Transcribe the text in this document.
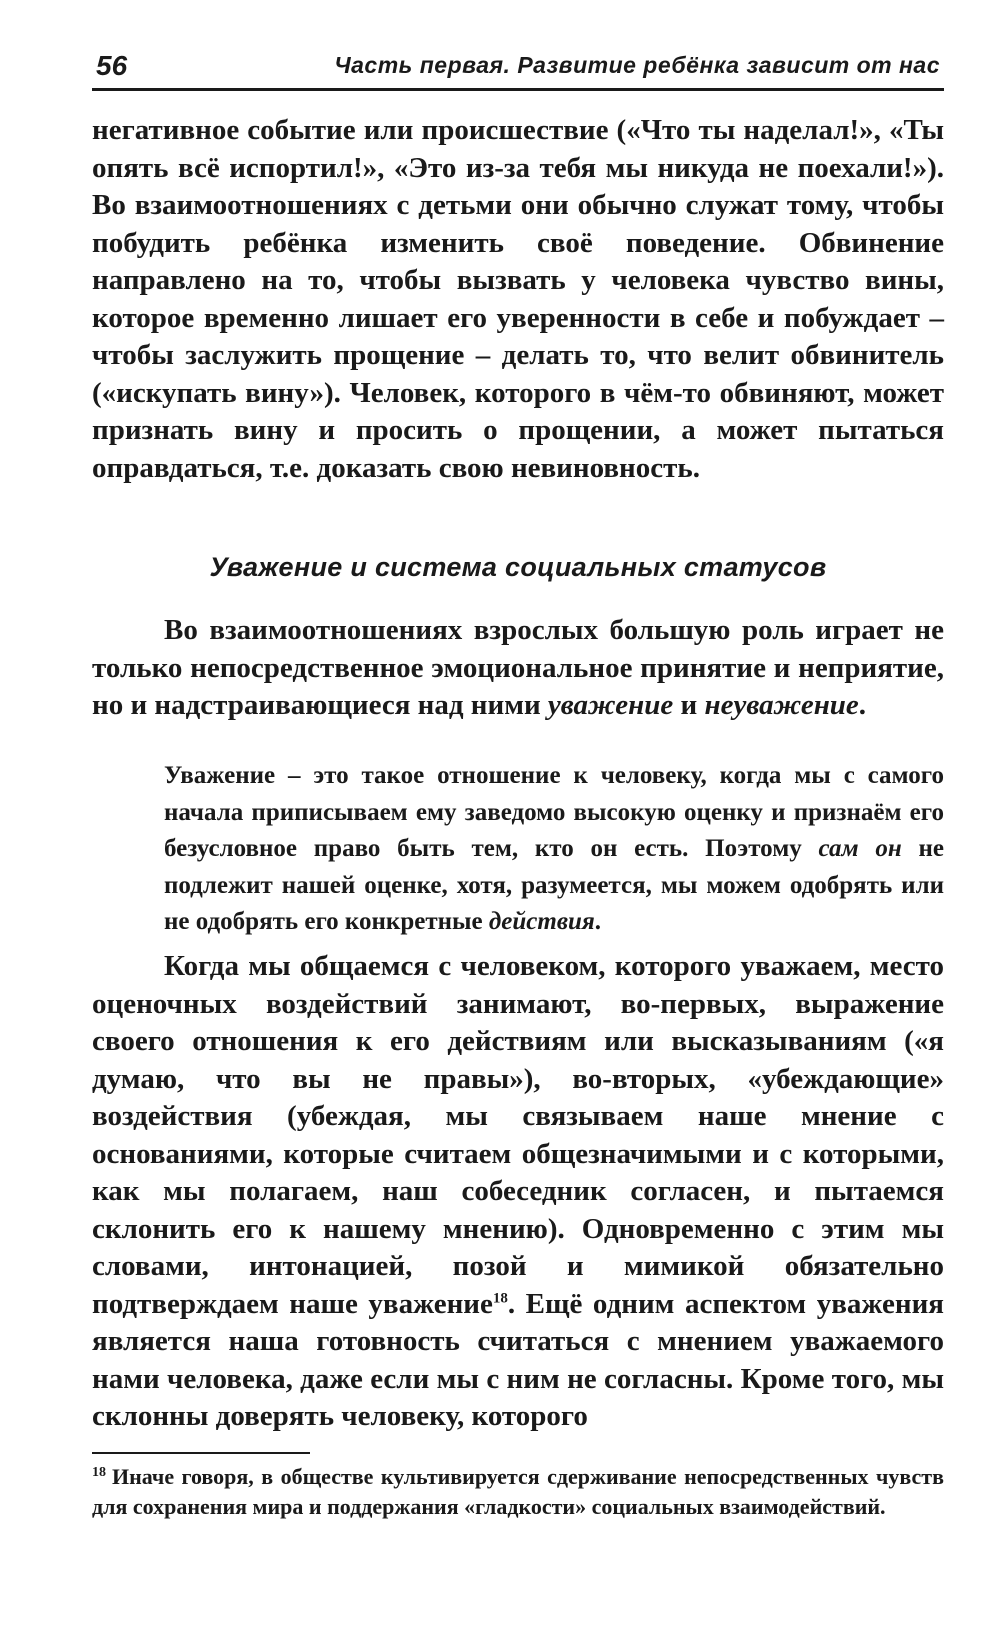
56	Часть первая. Развитие ребёнка зависит от нас

негативное событие или происшествие («Что ты наделал!», «Ты опять всё испортил!», «Это из-за тебя мы никуда не поехали!»). Во взаимоотношениях с детьми они обычно служат тому, чтобы побудить ребёнка изменить своё поведение. Обвинение направлено на то, чтобы вызвать у человека чувство вины, которое временно лишает его уверенности в себе и побуждает – чтобы заслужить прощение – делать то, что велит обвинитель («искупать вину»). Человек, которого в чём-то обвиняют, может признать вину и просить о прощении, а может пытаться оправдаться, т.е. доказать свою невиновность.

Уважение и система социальных статусов

Во взаимоотношениях взрослых большую роль играет не только непосредственное эмоциональное принятие и неприятие, но и надстраивающиеся над ними уважение и неуважение.

Уважение – это такое отношение к человеку, когда мы с самого начала приписываем ему заведомо высокую оценку и признаём его безусловное право быть тем, кто он есть. Поэтому сам он не подлежит нашей оценке, хотя, разумеется, мы можем одобрять или не одобрять его конкретные действия.

Когда мы общаемся с человеком, которого уважаем, место оценочных воздействий занимают, во-первых, выражение своего отношения к его действиям или высказываниям («я думаю, что вы не правы»), во-вторых, «убеждающие» воздействия (убеждая, мы связываем наше мнение с основаниями, которые считаем общезначимыми и с которыми, как мы полагаем, наш собеседник согласен, и пытаемся склонить его к нашему мнению). Одновременно с этим мы словами, интонацией, позой и мимикой обязательно подтверждаем наше уважение$^{18}$. Ещё одним аспектом уважения является наша готовность считаться с мнением уважаемого нами человека, даже если мы с ним не согласны. Кроме того, мы склонны доверять человеку, которого

$^{18}$ Иначе говоря, в обществе культивируется сдерживание непосредственных чувств для сохранения мира и поддержания «гладкости» социальных взаимодействий.
